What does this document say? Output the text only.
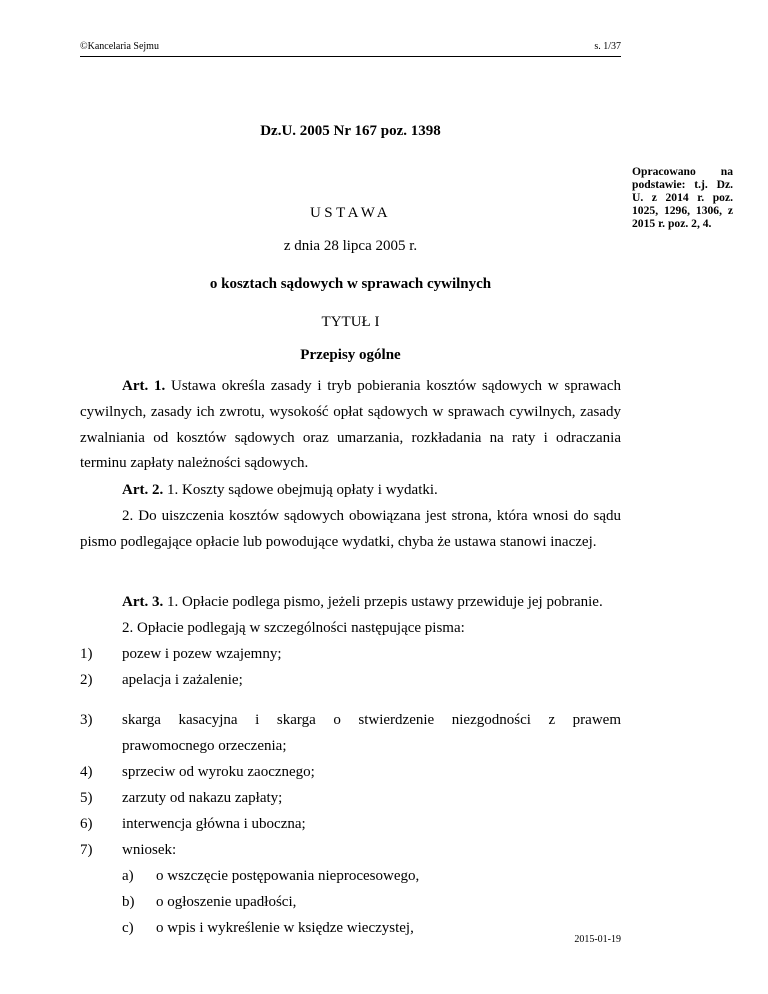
©Kancelaria Sejmu	s. 1/37
Dz.U. 2005 Nr 167 poz. 1398
Opracowano na podstawie: t.j. Dz. U. z 2014 r. poz. 1025, 1296, 1306, z 2015 r. poz. 2, 4.
USTAWA
z dnia 28 lipca 2005 r.
o kosztach sądowych w sprawach cywilnych
TYTUŁ I
Przepisy ogólne
Art. 1. Ustawa określa zasady i tryb pobierania kosztów sądowych w sprawach cywilnych, zasady ich zwrotu, wysokość opłat sądowych w sprawach cywilnych, zasady zwalniania od kosztów sądowych oraz umarzania, rozkładania na raty i odraczania terminu zapłaty należności sądowych.
Art. 2. 1. Koszty sądowe obejmują opłaty i wydatki.
2. Do uiszczenia kosztów sądowych obowiązana jest strona, która wnosi do sądu pismo podlegające opłacie lub powodujące wydatki, chyba że ustawa stanowi inaczej.
Art. 3. 1. Opłacie podlega pismo, jeżeli przepis ustawy przewiduje jej pobranie.
2. Opłacie podlegają w szczególności następujące pisma:
1) pozew i pozew wzajemny;
2) apelacja i zażalenie;
3) skarga kasacyjna i skarga o stwierdzenie niezgodności z prawem
prawomocnego orzeczenia;
4) sprzeciw od wyroku zaocznego;
5) zarzuty od nakazu zapłaty;
6) interwencja główna i uboczna;
7) wniosek:
a) o wszczęcie postępowania nieprocesowego,
b) o ogłoszenie upadłości,
c) o wpis i wykreślenie w księdze wieczystej,
2015-01-19
